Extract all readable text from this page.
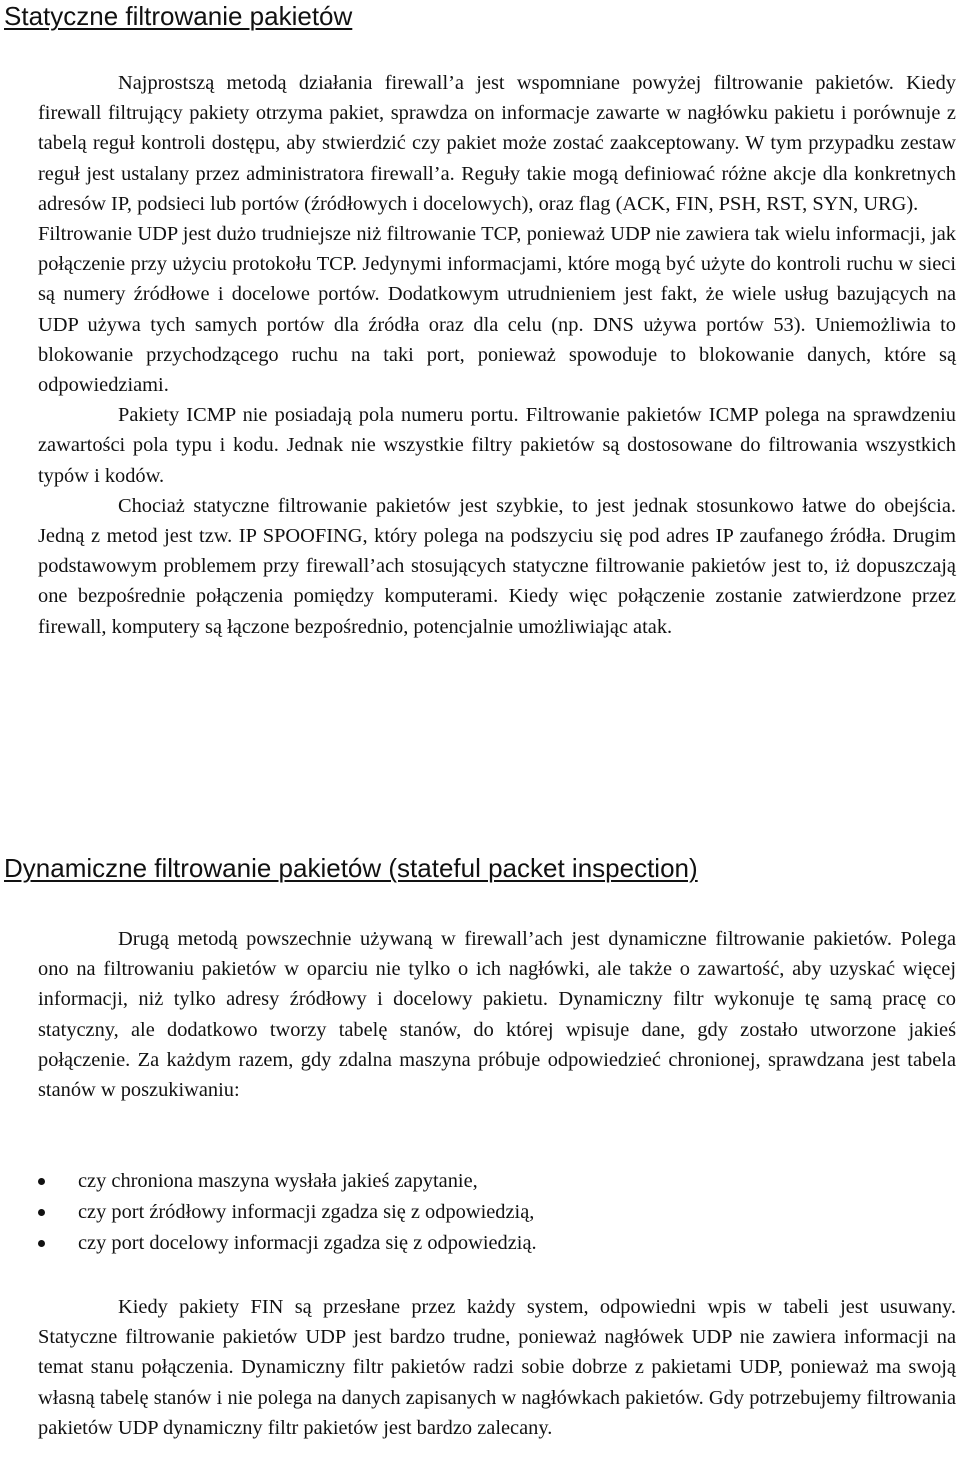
Statyczne filtrowanie pakietów

Najprostszą metodą działania firewall’a jest wspomniane powyżej filtrowanie pakietów. Kiedy firewall filtrujący pakiety otrzyma pakiet, sprawdza on informacje zawarte w nagłówku pakietu i porównuje z tabelą reguł kontroli dostępu, aby stwierdzić czy pakiet może zostać zaakceptowany. W tym przypadku zestaw reguł jest ustalany przez administratora firewall’a. Reguły takie mogą definiować różne akcje dla konkretnych adresów IP, podsieci lub portów (źródłowych i docelowych), oraz flag (ACK, FIN, PSH, RST, SYN, URG).

Filtrowanie UDP jest dużo trudniejsze niż filtrowanie TCP, ponieważ UDP nie zawiera tak wielu informacji, jak połączenie przy użyciu protokołu TCP. Jedynymi informacjami, które mogą być użyte do kontroli ruchu w sieci są numery źródłowe i docelowe portów. Dodatkowym utrudnieniem jest fakt, że wiele usług bazujących na UDP używa tych samych portów dla źródła oraz dla celu (np. DNS używa portów 53). Uniemożliwia to blokowanie przychodzącego ruchu na taki port, ponieważ spowoduje to blokowanie danych, które są odpowiedziami.

Pakiety ICMP nie posiadają pola numeru portu. Filtrowanie pakietów ICMP polega na sprawdzeniu zawartości pola typu i kodu. Jednak nie wszystkie filtry pakietów są dostosowane do filtrowania wszystkich typów i kodów.

Chociaż statyczne filtrowanie pakietów jest szybkie, to jest jednak stosunkowo łatwe do obejścia. Jedną z metod jest tzw. IP SPOOFING, który polega na podszyciu się pod adres IP zaufanego źródła. Drugim podstawowym problemem przy firewall’ach stosujących statyczne filtrowanie pakietów jest to, iż dopuszczają one bezpośrednie połączenia pomiędzy komputerami. Kiedy więc połączenie zostanie zatwierdzone przez firewall, komputery są łączone bezpośrednio, potencjalnie umożliwiając atak.

Dynamiczne filtrowanie pakietów (stateful packet inspection)

Drugą metodą powszechnie używaną w firewall’ach jest dynamiczne filtrowanie pakietów. Polega ono na filtrowaniu pakietów w oparciu nie tylko o ich nagłówki, ale także o zawartość, aby uzyskać więcej informacji, niż tylko adresy źródłowy i docelowy pakietu. Dynamiczny filtr wykonuje tę samą pracę co statyczny, ale dodatkowo tworzy tabelę stanów, do której wpisuje dane, gdy zostało utworzone jakieś połączenie. Za każdym razem, gdy zdalna maszyna próbuje odpowiedzieć chronionej, sprawdzana jest tabela stanów w poszukiwaniu:

czy chroniona maszyna wysłała jakieś zapytanie,
czy port źródłowy informacji zgadza się z odpowiedzią,
czy port docelowy informacji zgadza się z odpowiedzią.

Kiedy pakiety FIN są przesłane przez każdy system, odpowiedni wpis w tabeli jest usuwany. Statyczne filtrowanie pakietów UDP jest bardzo trudne, ponieważ nagłówek UDP nie zawiera informacji na temat stanu połączenia. Dynamiczny filtr pakietów radzi sobie dobrze z pakietami UDP, ponieważ ma swoją własną tabelę stanów i nie polega na danych zapisanych w nagłówkach pakietów. Gdy potrzebujemy filtrowania pakietów UDP dynamiczny filtr pakietów jest bardzo zalecany.
